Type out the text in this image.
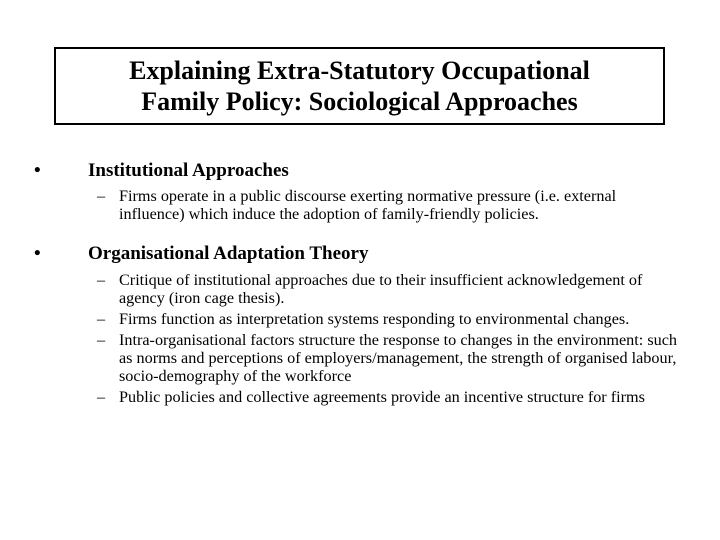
Explaining Extra-Statutory Occupational
Family Policy: Sociological Approaches
• Institutional Approaches
– Firms operate in a public discourse exerting normative pressure (i.e. external influence) which induce the adoption of family-friendly policies.
• Organisational Adaptation Theory
– Critique of institutional approaches due to their insufficient acknowledgement of agency (iron cage thesis).
– Firms function as interpretation systems responding to environmental changes.
– Intra-organisational factors structure the response to changes in the environment: such as norms and perceptions of employers/management, the strength of organised labour, socio-demography of the workforce
– Public policies and collective agreements provide an incentive structure for firms
